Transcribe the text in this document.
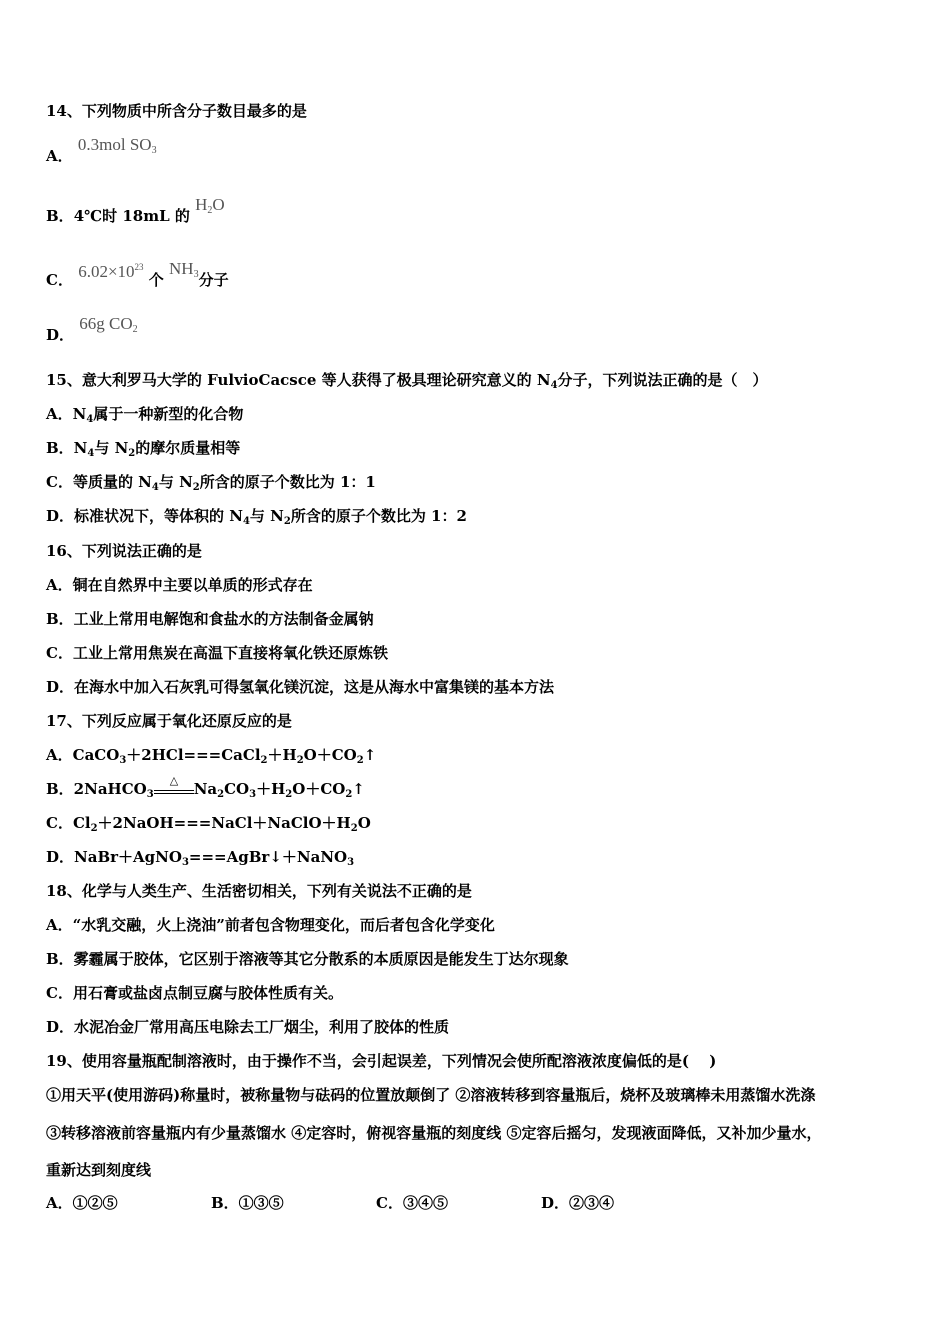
14、下列物质中所含分子数目最多的是
A． 0.3mol $SO_3$
B．4℃时 18mL 的 $H_2O$
C． $6.02\times 10^{23}$ 个 $NH_3$分子
D． 66g $CO_2$
15、意大利罗马大学的 FulvioCacsce 等人获得了极具理论研究意义的 $N_4$分子，下列说法正确的是（　）
A．$N_4$属于一种新型的化合物
B．$N_4$与 $N_2$的摩尔质量相等
C．等质量的 $N_4$与 $N_2$所含的原子个数比为 1：1
D．标准状况下，等体积的 $N_4$与 $N_2$所含的原子个数比为 1：2
16、下列说法正确的是
A．铜在自然界中主要以单质的形式存在
B．工业上常用电解饱和食盐水的方法制备金属钠
C．工业上常用焦炭在高温下直接将氧化铁还原炼铁
D．在海水中加入石灰乳可得氢氧化镁沉淀，这是从海水中富集镁的基本方法
17、下列反应属于氧化还原反应的是
A．$CaCO_3+2HCl===CaCl_2+H_2O+CO_2↑$
B．2NaHCO$_3$
△ $Na_2CO_3+H_2O+CO_2↑$
C．$Cl_2+2NaOH===NaCl+NaClO+H_2O$
D．NaBr＋AgNO$_3$===AgBr↓＋NaNO$_3$
18、化学与人类生产、生活密切相关，下列有关说法不正确的是
A．“水乳交融，火上浇油”前者包含物理变化，而后者包含化学变化
B．雾霾属于胶体，它区别于溶液等其它分散系的本质原因是能发生丁达尔现象
C．用石膏或盐卤点制豆腐与胶体性质有关。
D．水泥冶金厂常用高压电除去工厂烟尘，利用了胶体的性质
19、使用容量瓶配制溶液时，由于操作不当，会引起误差，下列情况会使所配溶液浓度偏低的是(　 )
①用天平(使用游码)称量时，被称量物与砝码的位置放颠倒了 ②溶液转移到容量瓶后，烧杯及玻璃棒未用蒸馏水洗涤
③转移溶液前容量瓶内有少量蒸馏水 ④定容时，俯视容量瓶的刻度线 ⑤定容后摇匀，发现液面降低，又补加少量水，
重新达到刻度线
A．①②⑤	B．①③⑤	C．③④⑤	D．②③④
